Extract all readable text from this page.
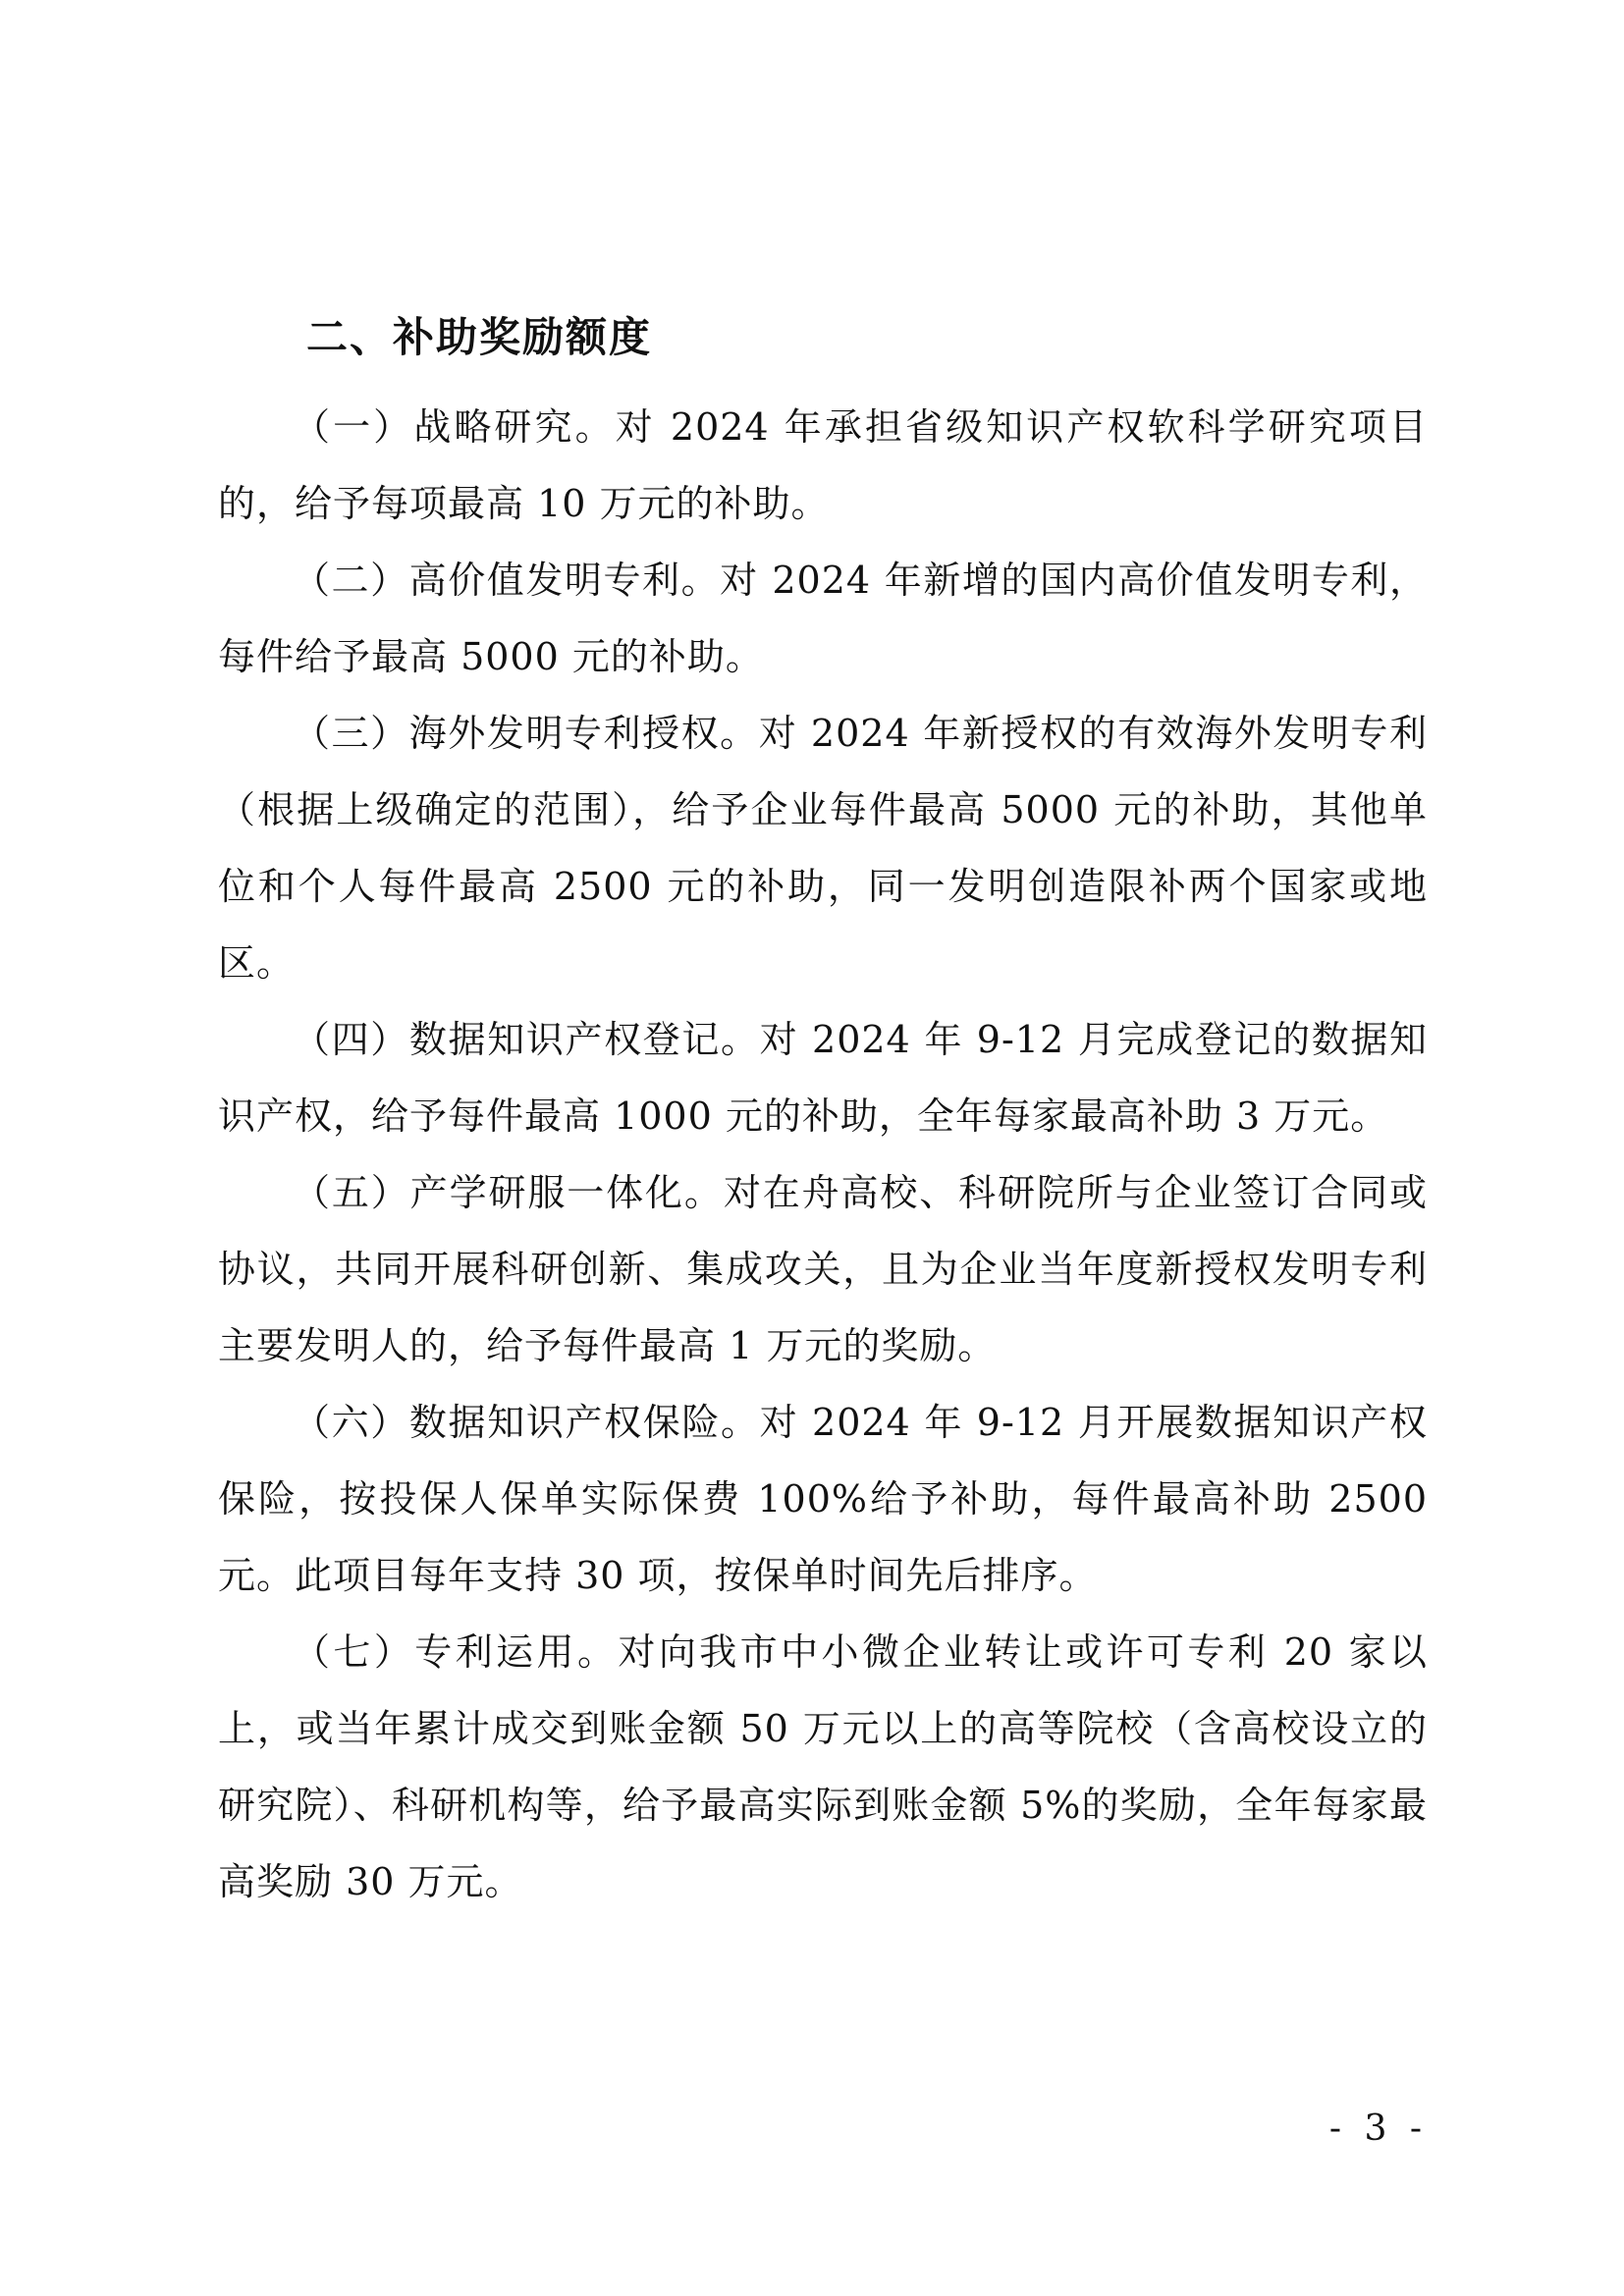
二、补助奖励额度

（一）战略研究。对 2024 年承担省级知识产权软科学研究项目的，给予每项最高 10 万元的补助。

（二）高价值发明专利。对 2024 年新增的国内高价值发明专利，每件给予最高 5000 元的补助。

（三）海外发明专利授权。对 2024 年新授权的有效海外发明专利（根据上级确定的范围），给予企业每件最高 5000 元的补助，其他单位和个人每件最高 2500 元的补助，同一发明创造限补两个国家或地区。

（四）数据知识产权登记。对 2024 年 9-12 月完成登记的数据知识产权，给予每件最高 1000 元的补助，全年每家最高补助 3 万元。

（五）产学研服一体化。对在舟高校、科研院所与企业签订合同或协议，共同开展科研创新、集成攻关，且为企业当年度新授权发明专利主要发明人的，给予每件最高 1 万元的奖励。

（六）数据知识产权保险。对 2024 年 9-12 月开展数据知识产权保险，按投保人保单实际保费 100%给予补助，每件最高补助 2500 元。此项目每年支持 30 项，按保单时间先后排序。

（七）专利运用。对向我市中小微企业转让或许可专利 20 家以上，或当年累计成交到账金额 50 万元以上的高等院校（含高校设立的研究院）、科研机构等，给予最高实际到账金额 5%的奖励，全年每家最高奖励 30 万元。

- 3 -
